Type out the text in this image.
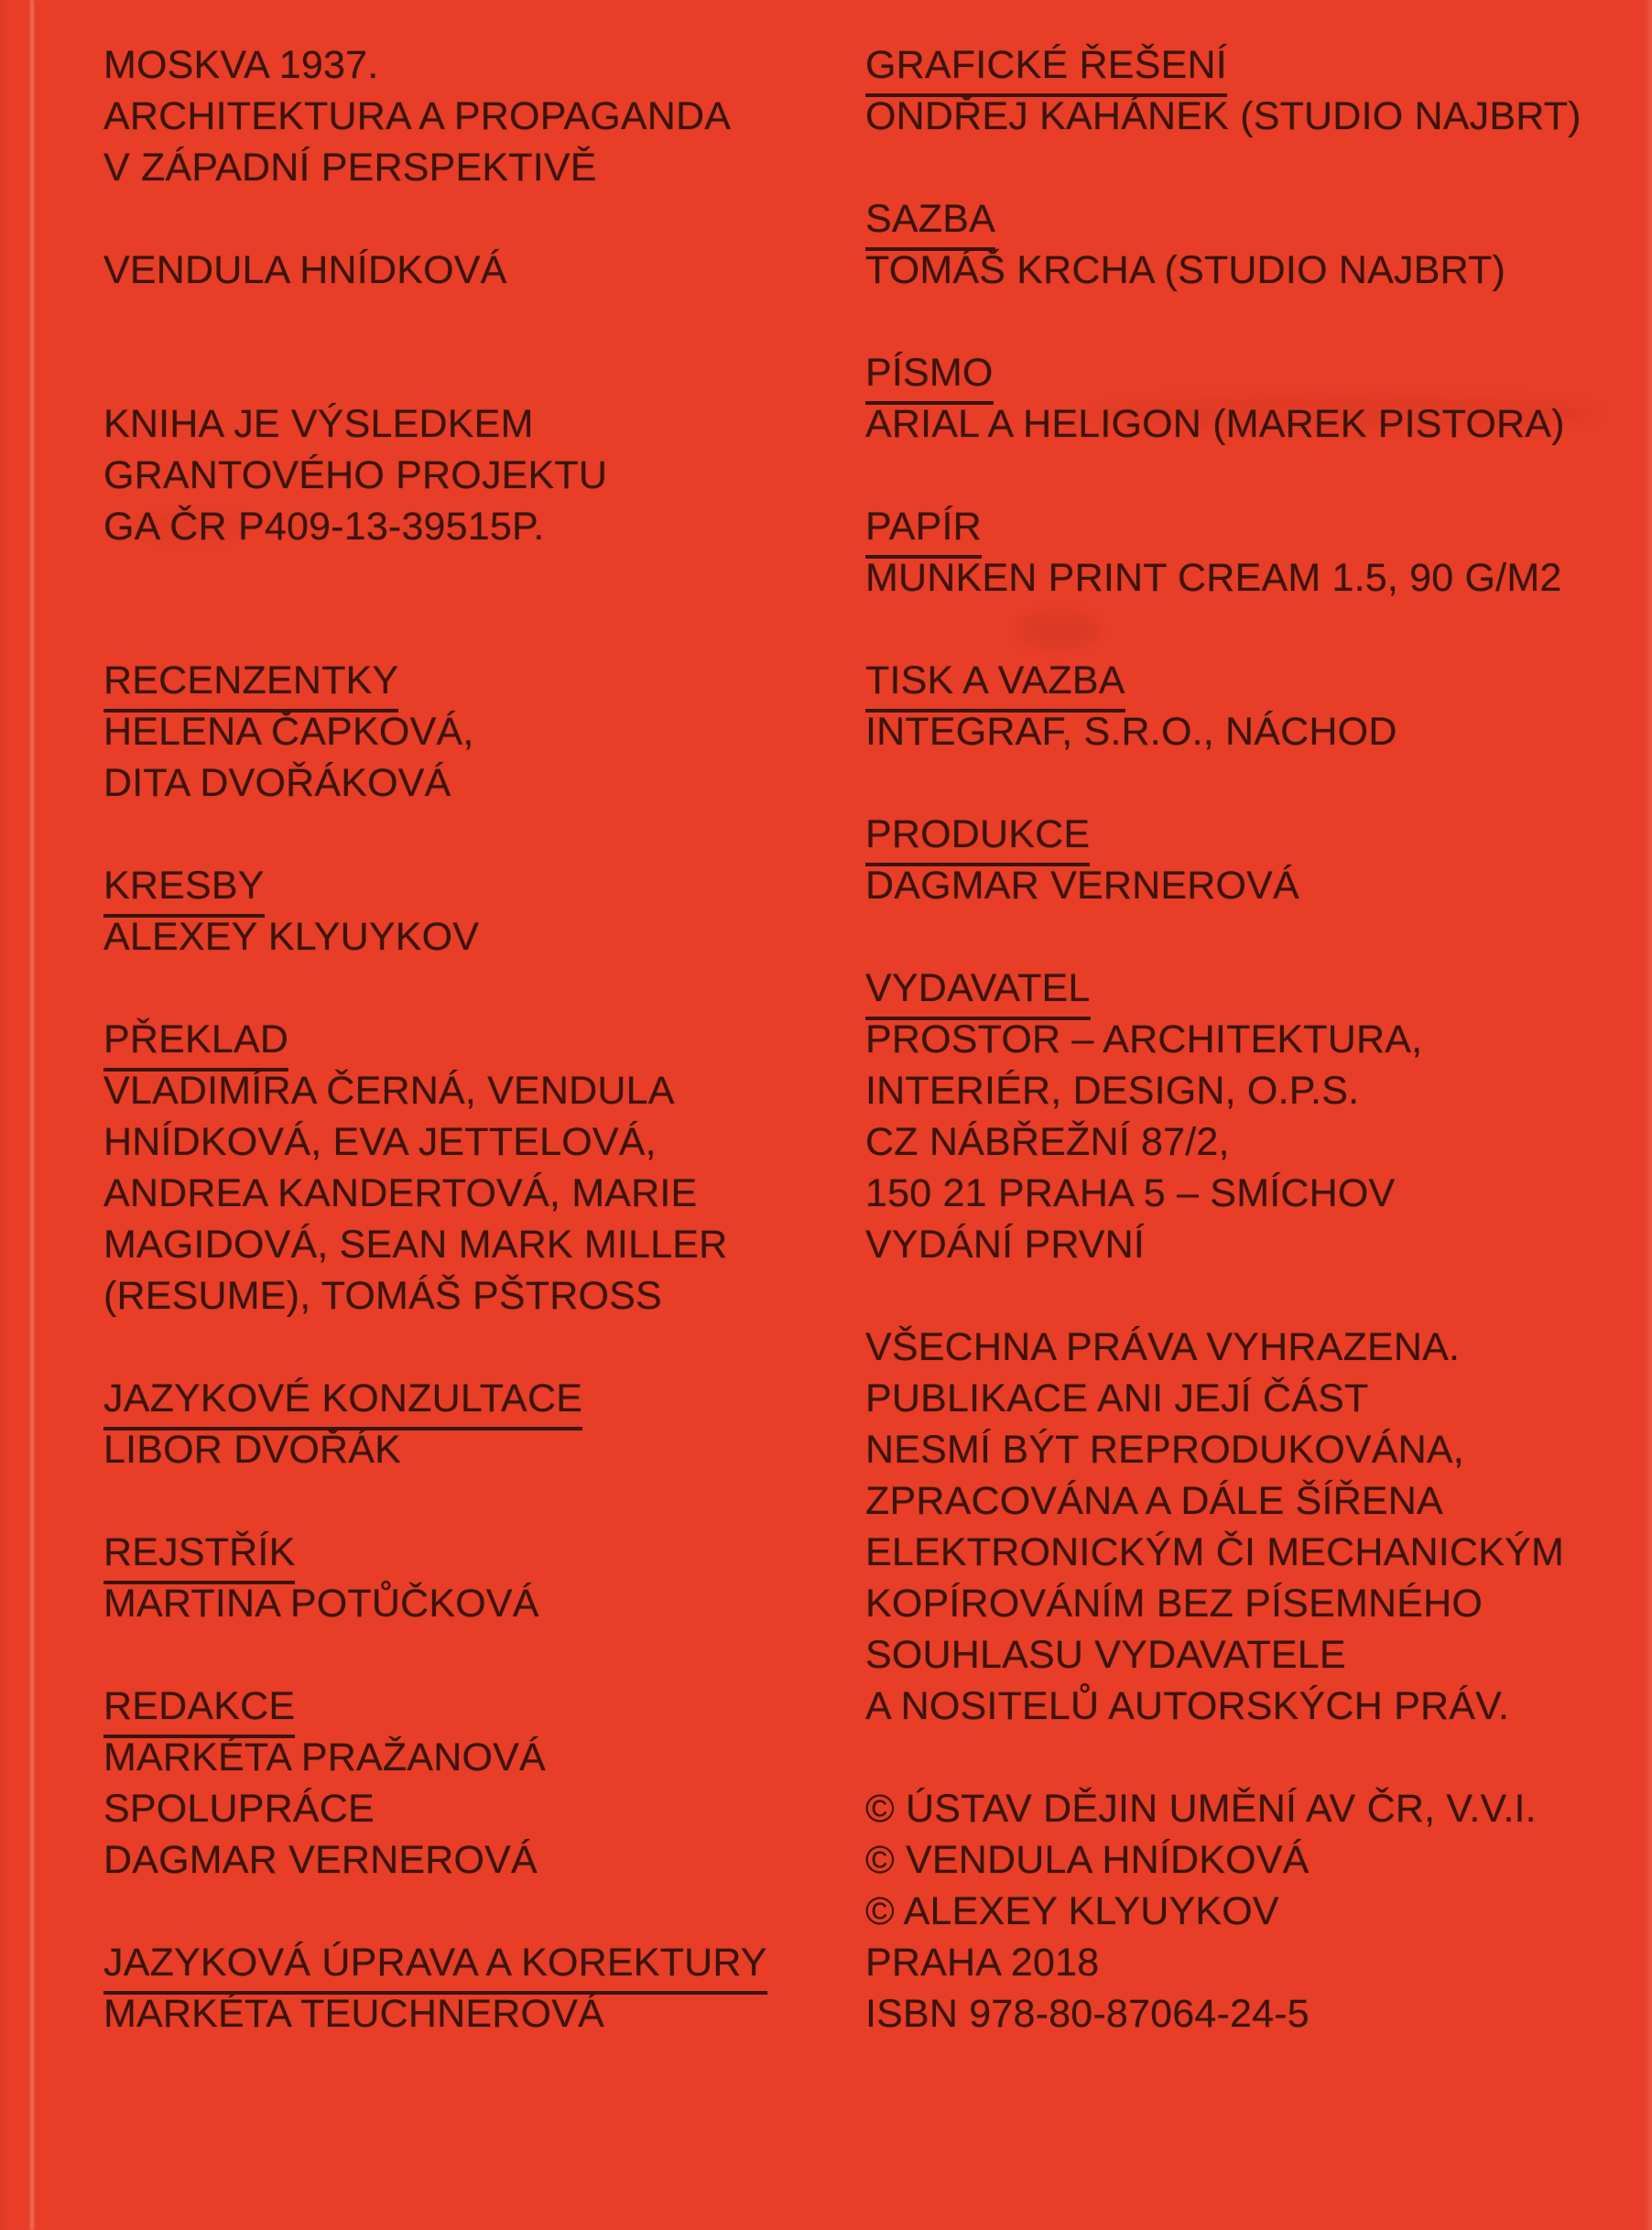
MOSKVA 1937.
ARCHITEKTURA A PROPAGANDA
V ZÁPADNÍ PERSPEKTIVĚ
VENDULA HNÍDKOVÁ
KNIHA JE VÝSLEDKEM
GRANTOVÉHO PROJEKTU
GA ČR P409-13-39515P.
RECENZENTKY
HELENA ČAPKOVÁ,
DITA DVOŘÁKOVÁ
KRESBY
ALEXEY KLYUYKOV
PŘEKLAD
VLADIMÍRA ČERNÁ, VENDULA
HNÍDKOVÁ, EVA JETTELOVÁ,
ANDREA KANDERTOVÁ, MARIE
MAGIDOVÁ, SEAN MARK MILLER
(RESUME), TOMÁŠ PŠTROSS
JAZYKOVÉ KONZULTACE
LIBOR DVOŘÁK
REJSTŘÍK
MARTINA POTŮČKOVÁ
REDAKCE
MARKÉTA PRAŽANOVÁ
SPOLUPRÁCE
DAGMAR VERNEROVÁ
JAZYKOVÁ ÚPRAVA A KOREKTURY
MARKÉTA TEUCHNEROVÁ
GRAFICKÉ ŘEŠENÍ
ONDŘEJ KAHÁNEK (STUDIO NAJBRT)
SAZBA
TOMÁŠ KRCHA (STUDIO NAJBRT)
PÍSMO
ARIAL A HELIGON (MAREK PISTORA)
PAPÍR
MUNKEN PRINT CREAM 1.5, 90 G/M2
TISK A VAZBA
INTEGRAF, S.R.O., NÁCHOD
PRODUKCE
DAGMAR VERNEROVÁ
VYDAVATEL
PROSTOR – ARCHITEKTURA,
INTERIÉR, DESIGN, O.P.S.
CZ NÁBŘEŽNÍ 87/2,
150 21 PRAHA 5 – SMÍCHOV
VYDÁNÍ PRVNÍ
VŠECHNA PRÁVA VYHRAZENA.
PUBLIKACE ANI JEJÍ ČÁST
NESMÍ BÝT REPRODUKOVÁNA,
ZPRACOVÁNA A DÁLE ŠÍŘENA
ELEKTRONICKÝM ČI MECHANICKÝM
KOPÍROVÁNÍM BEZ PÍSEMNÉHO
SOUHLASU VYDAVATELE
A NOSITELŮ AUTORSKÝCH PRÁV.
© ÚSTAV DĚJIN UMĚNÍ AV ČR, V.V.I.
© VENDULA HNÍDKOVÁ
© ALEXEY KLYUYKOV
PRAHA 2018
ISBN 978-80-87064-24-5
